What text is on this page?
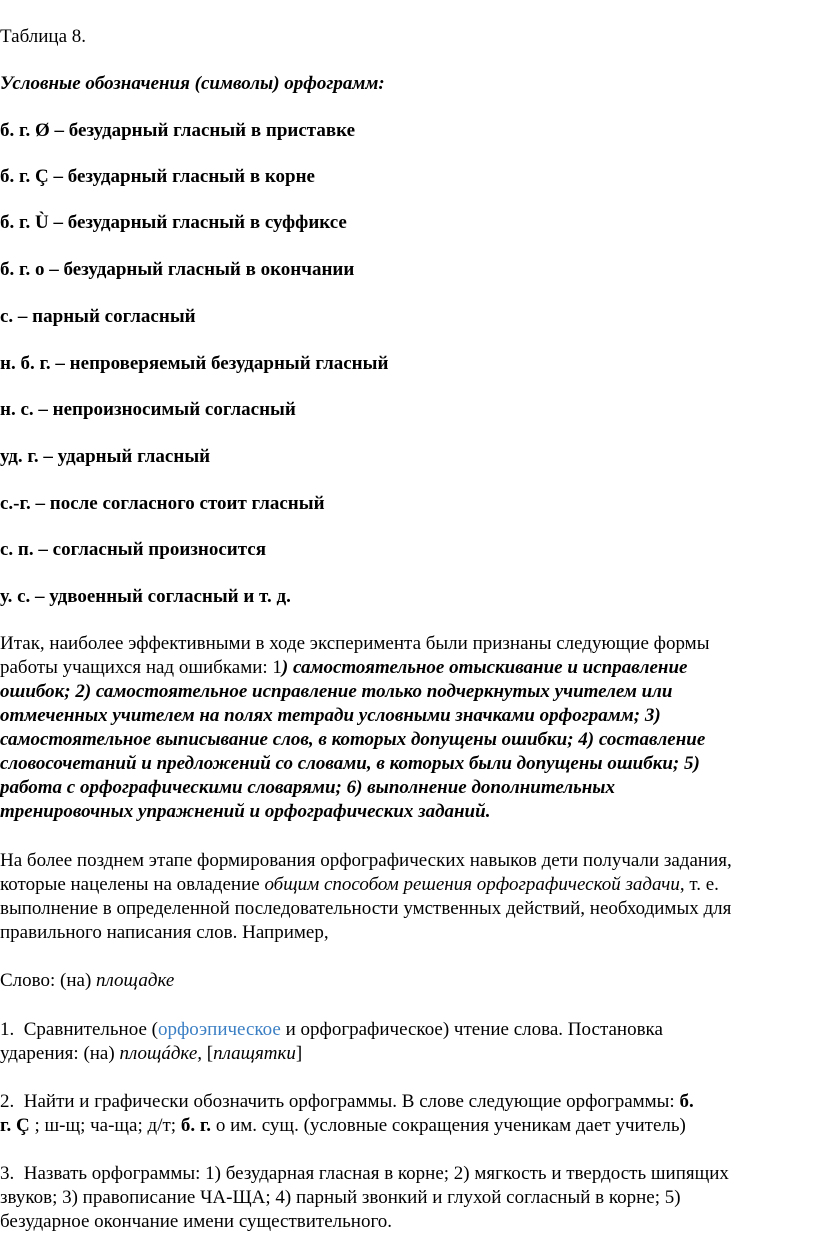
Таблица 8.
Условные обозначения (символы) орфограмм:
б. г. Ø – безударный гласный в приставке
б. г. Ç – безударный гласный в корне
б. г. Ù – безударный гласный в суффиксе
б. г. о – безударный гласный в окончании
с. – парный согласный
н. б. г. – непроверяемый безударный гласный
н. с. – непроизносимый согласный
уд. г. – ударный гласный
с.-г. – после согласного стоит гласный
с. п. – согласный произносится
у. с. – удвоенный согласный и т. д.
Итак, наиболее эффективными в ходе эксперимента были признаны следующие формы
работы учащихся над ошибками: 1) самостоятельное отыскивание и исправление
ошибок; 2) самостоятельное исправление только подчеркнутых учителем или
отмеченных учителем на полях тетради условными значками орфограмм; 3)
самостоятельное выписывание слов, в которых допущены ошибки; 4) составление
словосочетаний и предложений со словами, в которых были допущены ошибки; 5)
работа с орфографическими словарями; 6) выполнение дополнительных
тренировочных упражнений и орфографических заданий.
На более позднем этапе формирования орфографических навыков дети получали задания,
которые нацелены на овладение общим способом решения орфографической задачи, т. е.
выполнение в определенной последовательности умственных действий, необходимых для
правильного написания слов. Например,
Слово: (на) площадке
1. Сравнительное (орфоэпическое и орфографическое) чтение слова. Постановка
ударения: (на) площáдке, [плащятки]
2. Найти и графически обозначить орфограммы. В слове следующие орфограммы: б.
г. Ç ; ш-щ; ча-ща; д/т; б. г. о им. сущ. (условные сокращения ученикам дает учитель)
3. Назвать орфограммы: 1) безударная гласная в корне; 2) мягкость и твердость шипящих
звуков; 3) правописание ЧА-ЩА; 4) парный звонкий и глухой согласный в корне; 5)
безударное окончание имени существительного.
